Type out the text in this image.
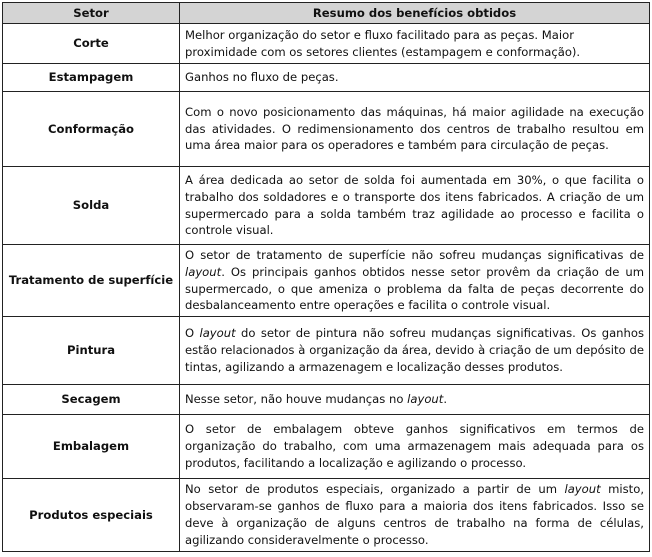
Setor	Resumo dos benefícios obtidos
Corte	Melhor organização do setor e fluxo facilitado para as peças. Maior proximidade com os setores clientes (estampagem e conformação).
Estampagem	Ganhos no fluxo de peças.
Conformação	Com o novo posicionamento das máquinas, há maior agilidade na execução das atividades. O redimensionamento dos centros de trabalho resultou em uma área maior para os operadores e também para circulação de peças.
Solda	A área dedicada ao setor de solda foi aumentada em 30%, o que facilita o trabalho dos soldadores e o transporte dos itens fabricados. A criação de um supermercado para a solda também traz agilidade ao processo e facilita o controle visual.
Tratamento de superfície	O setor de tratamento de superfície não sofreu mudanças significativas de layout. Os principais ganhos obtidos nesse setor provêm da criação de um supermercado, o que ameniza o problema da falta de peças decorrente do desbalanceamento entre operações e facilita o controle visual.
Pintura	O layout do setor de pintura não sofreu mudanças significativas. Os ganhos estão relacionados à organização da área, devido à criação de um depósito de tintas, agilizando a armazenagem e localização desses produtos.
Secagem	Nesse setor, não houve mudanças no layout.
Embalagem	O setor de embalagem obteve ganhos significativos em termos de organização do trabalho, com uma armazenagem mais adequada para os produtos, facilitando a localização e agilizando o processo.
Produtos especiais	No setor de produtos especiais, organizado a partir de um layout misto, observaram-se ganhos de fluxo para a maioria dos itens fabricados. Isso se deve à organização de alguns centros de trabalho na forma de células, agilizando consideravelmente o processo.
